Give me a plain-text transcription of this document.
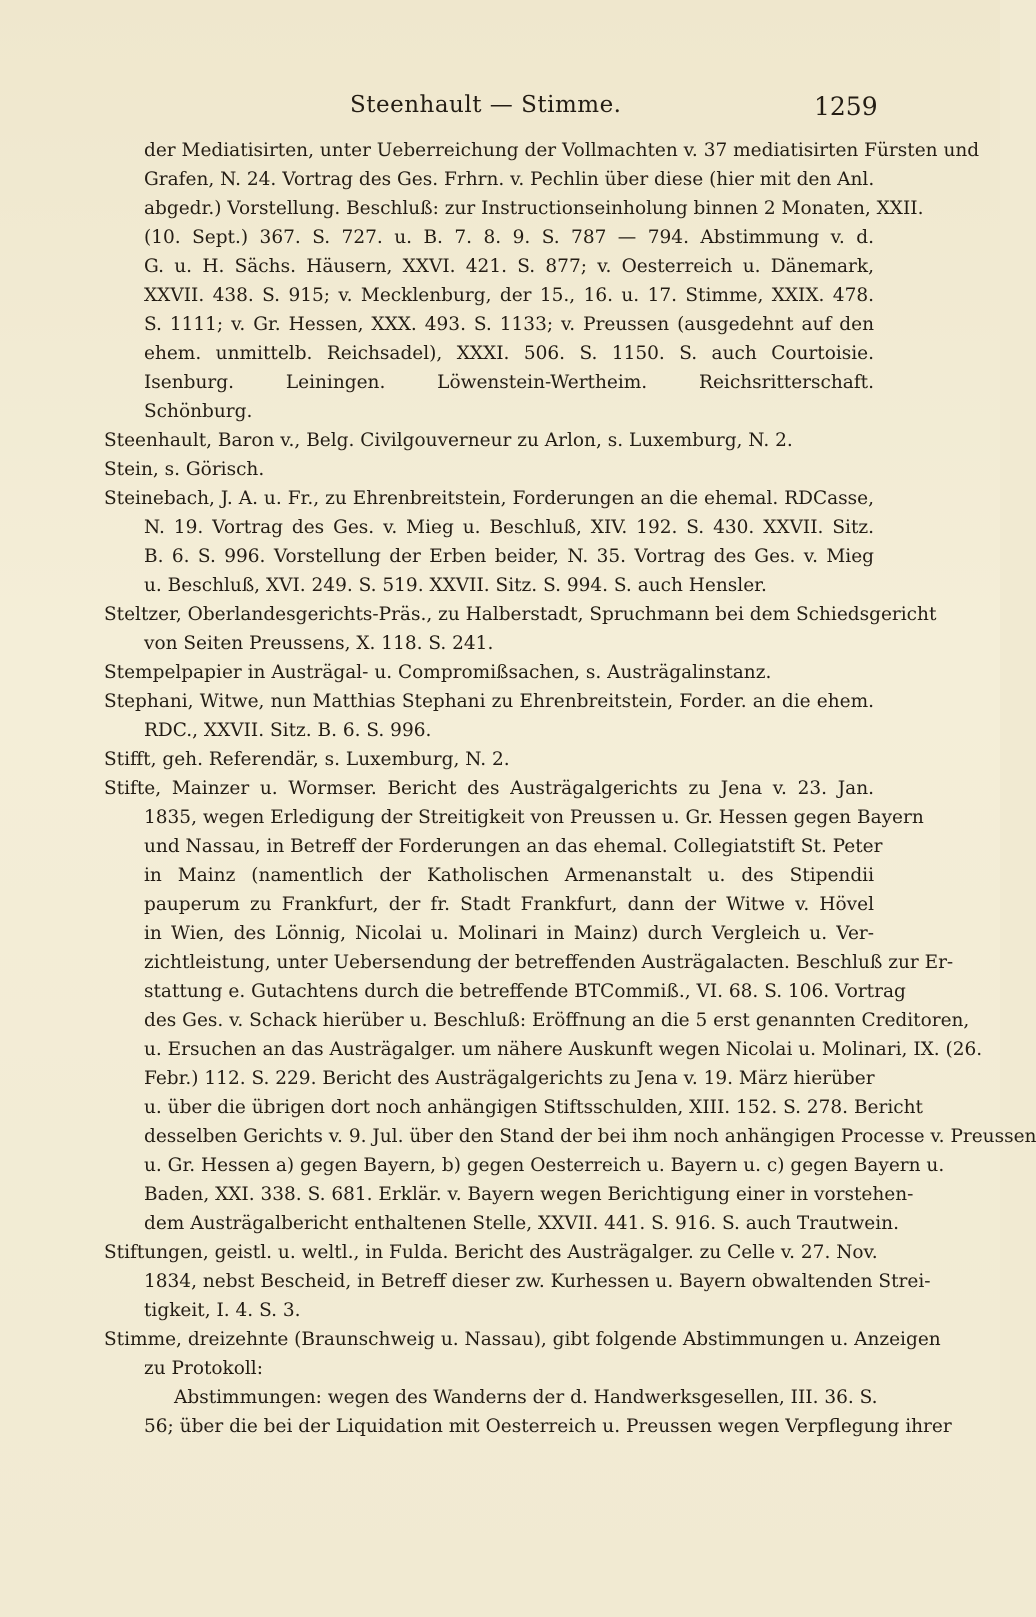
Steenhault — Stimme.	1259
der Mediatisirten, unter Ueberreichung der Vollmachten v. 37 mediatisirten Fürsten und
Grafen, N. 24. Vortrag des Ges. Frhrn. v. Pechlin über diese (hier mit den Anl.
abgedr.) Vorstellung. Beschluß: zur Instructionseinholung binnen 2 Monaten, XXII.
(10. Sept.) 367. S. 727. u. B. 7. 8. 9. S. 787 — 794. Abstimmung v. d.
G. u. H. Sächs. Häusern, XXVI. 421. S. 877; v. Oesterreich u. Dänemark,
XXVII. 438. S. 915; v. Mecklenburg, der 15., 16. u. 17. Stimme, XXIX. 478.
S. 1111; v. Gr. Hessen, XXX. 493. S. 1133; v. Preussen (ausgedehnt auf den
ehem. unmittelb. Reichsadel), XXXI. 506. S. 1150. S. auch Courtoisie.
Isenburg. Leiningen. Löwenstein-Wertheim. Reichsritterschaft.
Schönburg.
Steenhault, Baron v., Belg. Civilgouverneur zu Arlon, s. Luxemburg, N. 2.
Stein, s. Görisch.
Steinebach, J. A. u. Fr., zu Ehrenbreitstein, Forderungen an die ehemal. RDCasse,
N. 19. Vortrag des Ges. v. Mieg u. Beschluß, XIV. 192. S. 430. XXVII. Sitz.
B. 6. S. 996. Vorstellung der Erben beider, N. 35. Vortrag des Ges. v. Mieg
u. Beschluß, XVI. 249. S. 519. XXVII. Sitz. S. 994. S. auch Hensler.
Steltzer, Oberlandesgerichts-Präs., zu Halberstadt, Spruchmann bei dem Schiedsgericht
von Seiten Preussens, X. 118. S. 241.
Stempelpapier in Austrägal- u. Compromißsachen, s. Austrägalinstanz.
Stephani, Witwe, nun Matthias Stephani zu Ehrenbreitstein, Forder. an die ehem.
RDC., XXVII. Sitz. B. 6. S. 996.
Stifft, geh. Referendär, s. Luxemburg, N. 2.
Stifte, Mainzer u. Wormser. Bericht des Austrägalgerichts zu Jena v. 23. Jan.
1835, wegen Erledigung der Streitigkeit von Preussen u. Gr. Hessen gegen Bayern
und Nassau, in Betreff der Forderungen an das ehemal. Collegiatstift St. Peter
in Mainz (namentlich der Katholischen Armenanstalt u. des Stipendii
pauperum zu Frankfurt, der fr. Stadt Frankfurt, dann der Witwe v. Hövel
in Wien, des Lönnig, Nicolai u. Molinari in Mainz) durch Vergleich u. Ver-
zichtleistung, unter Uebersendung der betreffenden Austrägalacten. Beschluß zur Er-
stattung e. Gutachtens durch die betreffende BTCommiß., VI. 68. S. 106. Vortrag
des Ges. v. Schack hierüber u. Beschluß: Eröffnung an die 5 erst genannten Creditoren,
u. Ersuchen an das Austrägalger. um nähere Auskunft wegen Nicolai u. Molinari, IX. (26.
Febr.) 112. S. 229. Bericht des Austrägalgerichts zu Jena v. 19. März hierüber
u. über die übrigen dort noch anhängigen Stiftsschulden, XIII. 152. S. 278. Bericht
desselben Gerichts v. 9. Jul. über den Stand der bei ihm noch anhängigen Processe v. Preussen
u. Gr. Hessen a) gegen Bayern, b) gegen Oesterreich u. Bayern u. c) gegen Bayern u.
Baden, XXI. 338. S. 681. Erklär. v. Bayern wegen Berichtigung einer in vorstehen-
dem Austrägalbericht enthaltenen Stelle, XXVII. 441. S. 916. S. auch Trautwein.
Stiftungen, geistl. u. weltl., in Fulda. Bericht des Austrägalger. zu Celle v. 27. Nov.
1834, nebst Bescheid, in Betreff dieser zw. Kurhessen u. Bayern obwaltenden Strei-
tigkeit, I. 4. S. 3.
Stimme, dreizehnte (Braunschweig u. Nassau), gibt folgende Abstimmungen u. Anzeigen
zu Protokoll:
Abstimmungen: wegen des Wanderns der d. Handwerksgesellen, III. 36. S.
56; über die bei der Liquidation mit Oesterreich u. Preussen wegen Verpflegung ihrer
